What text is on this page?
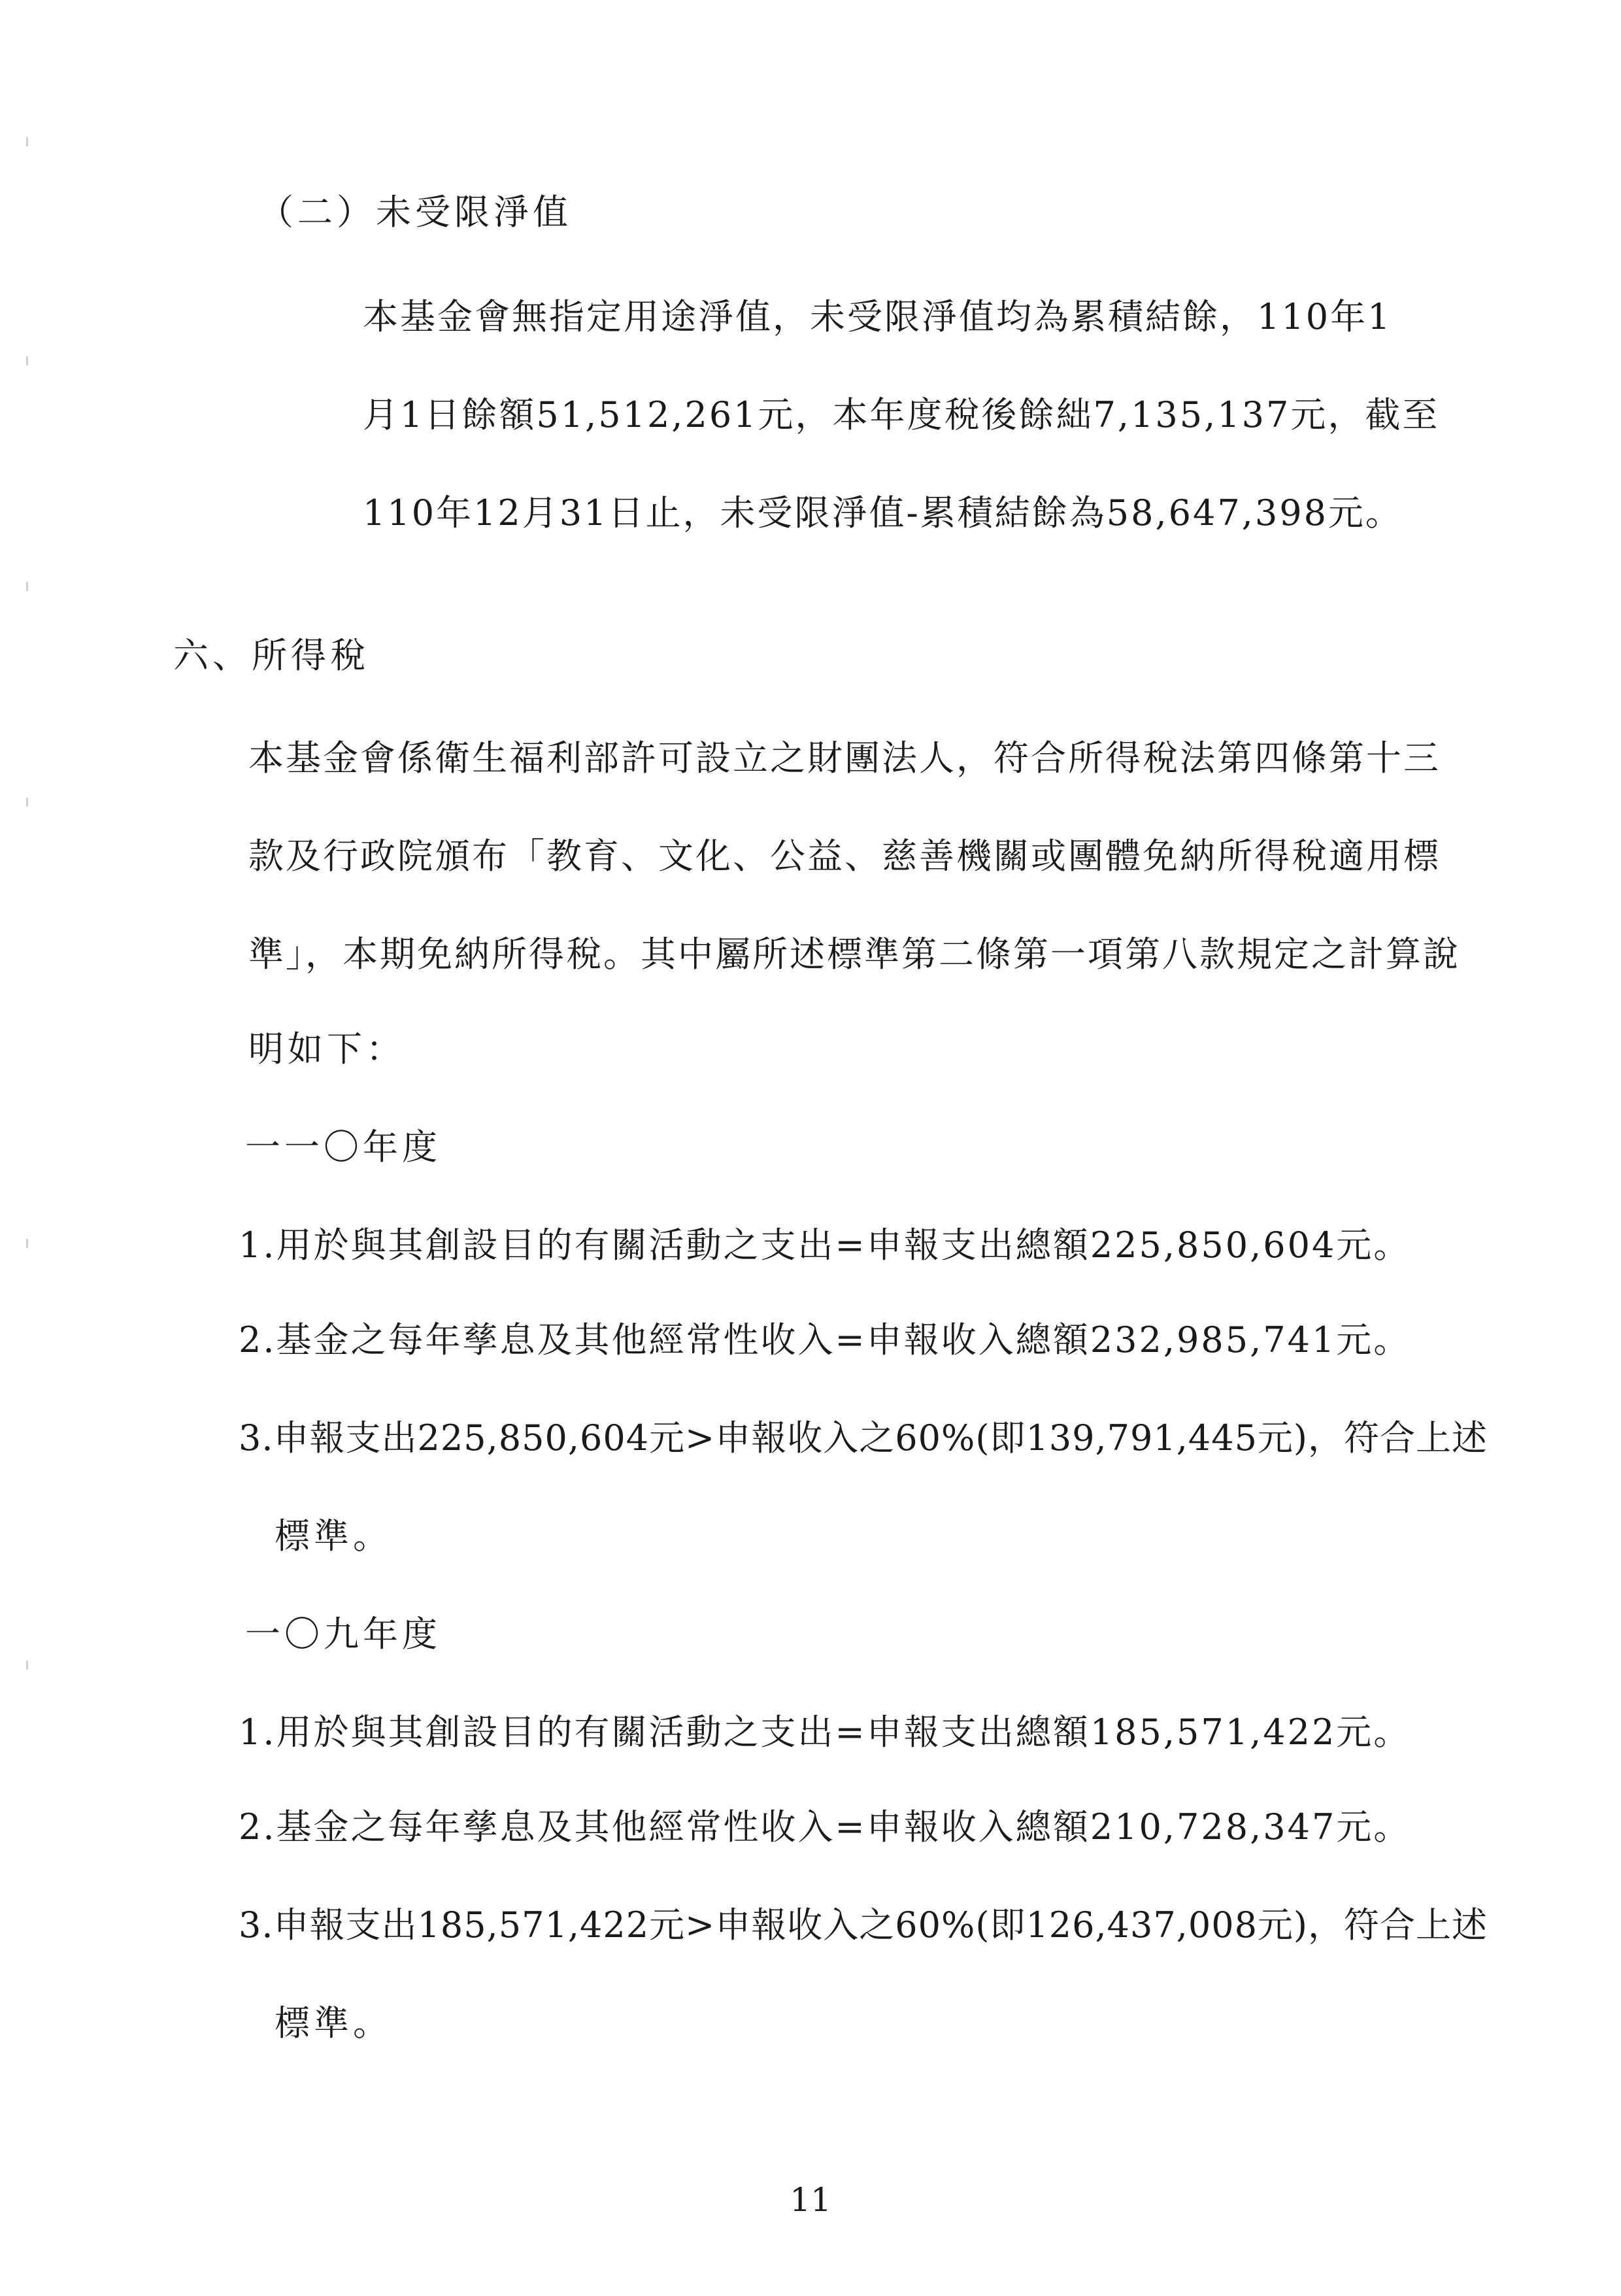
（二）未受限淨值
本基金會無指定用途淨值，未受限淨值均為累積結餘，110年1
月1日餘額51,512,261元，本年度稅後餘絀7,135,137元，截至
110年12月31日止，未受限淨值-累積結餘為58,647,398元。
六、所得稅
本基金會係衛生福利部許可設立之財團法人，符合所得稅法第四條第十三
款及行政院頒布「教育、文化、公益、慈善機關或團體免納所得稅適用標
準」，本期免納所得稅。其中屬所述標準第二條第一項第八款規定之計算說
明如下：
一一〇年度
1.用於與其創設目的有關活動之支出=申報支出總額225,850,604元。
2.基金之每年孳息及其他經常性收入=申報收入總額232,985,741元。
3.申報支出225,850,604元>申報收入之60%(即139,791,445元)，符合上述
標準。
一〇九年度
1.用於與其創設目的有關活動之支出=申報支出總額185,571,422元。
2.基金之每年孳息及其他經常性收入=申報收入總額210,728,347元。
3.申報支出185,571,422元>申報收入之60%(即126,437,008元)，符合上述
標準。
11
